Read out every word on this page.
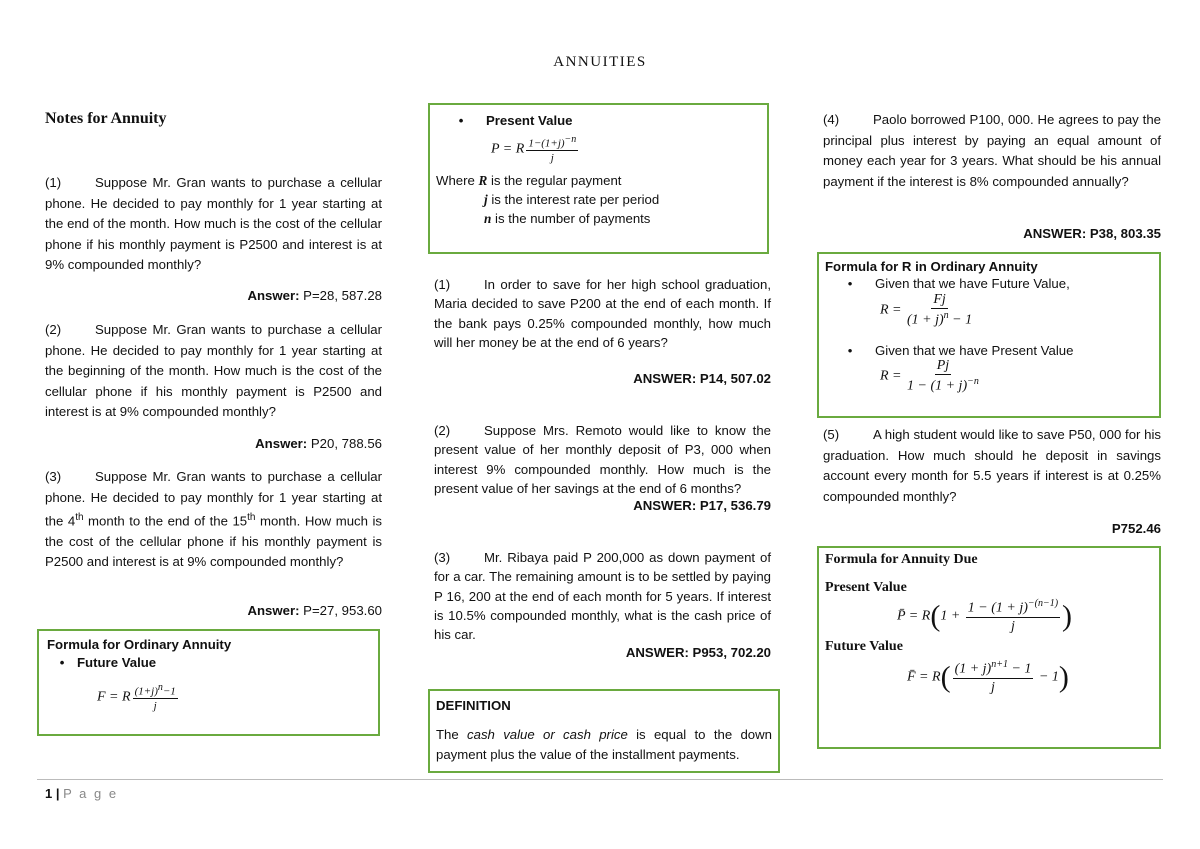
ANNUITIES
Notes for Annuity
(1)	Suppose Mr. Gran wants to purchase a cellular phone. He decided to pay monthly for 1 year starting at the end of the month. How much is the cost of the cellular phone if his monthly payment is P2500 and interest is at 9% compounded monthly?
Answer: P=28, 587.28
(2)	Suppose Mr. Gran wants to purchase a cellular phone. He decided to pay monthly for 1 year starting at the beginning of the month. How much is the cost of the cellular phone if his monthly payment is P2500 and interest is at 9% compounded monthly?
Answer: P20, 788.56
(3)	Suppose Mr. Gran wants to purchase a cellular phone. He decided to pay monthly for 1 year starting at the 4th month to the end of the 15th month. How much is the cost of the cellular phone if his monthly payment is P2500 and interest is at 9% compounded monthly?
Answer: P=27, 953.60
Formula for Ordinary Annuity
• Future Value
F = R $\frac{(1+j)^n-1}{j}$
• Present Value
P = R $\frac{1-(1+j)^{-n}}{j}$
Where R is the regular payment
j is the interest rate per period
n is the number of payments
(1)	In order to save for her high school graduation, Maria decided to save P200 at the end of each month. If the bank pays 0.25% compounded monthly, how much will her money be at the end of 6 years?
ANSWER: P14, 507.02
(2)	Suppose Mrs. Remoto would like to know the present value of her monthly deposit of P3, 000 when interest 9% compounded monthly. How much is the present value of her savings at the end of 6 months?
ANSWER: P17, 536.79
(3)	Mr. Ribaya paid P 200,000 as down payment of for a car. The remaining amount is to be settled by paying P 16, 200 at the end of each month for 5 years. If interest is 10.5% compounded monthly, what is the cash price of his car.
ANSWER: P953, 702.20
DEFINITION
The cash value or cash price is equal to the down payment plus the value of the installment payments.
(4)	Paolo borrowed P100, 000. He agrees to pay the principal plus interest by paying an equal amount of money each year for 3 years. What should be his annual payment if the interest is 8% compounded annually?
ANSWER: P38, 803.35
Formula for R in Ordinary Annuity
• Given that we have Future Value,
$R = \frac{Fj}{(1 + j)^n - 1}$
• Given that we have Present Value
$R = \frac{Pj}{1 - (1 + j)^{-n}}$
(5)	A high student would like to save P50, 000 for his graduation. How much should he deposit in savings account every month for 5.5 years if interest is at 0.25% compounded monthly?
P752.46
Formula for Annuity Due
Present Value
P̄ = $R(1 + \frac{1 - (1 + j)^{-(n-1)}}{j}$ )
Future Value
F̄ = $R( \frac{(1 + j)^{n+1} - 1}{j} - 1)$
1 | P a g e
